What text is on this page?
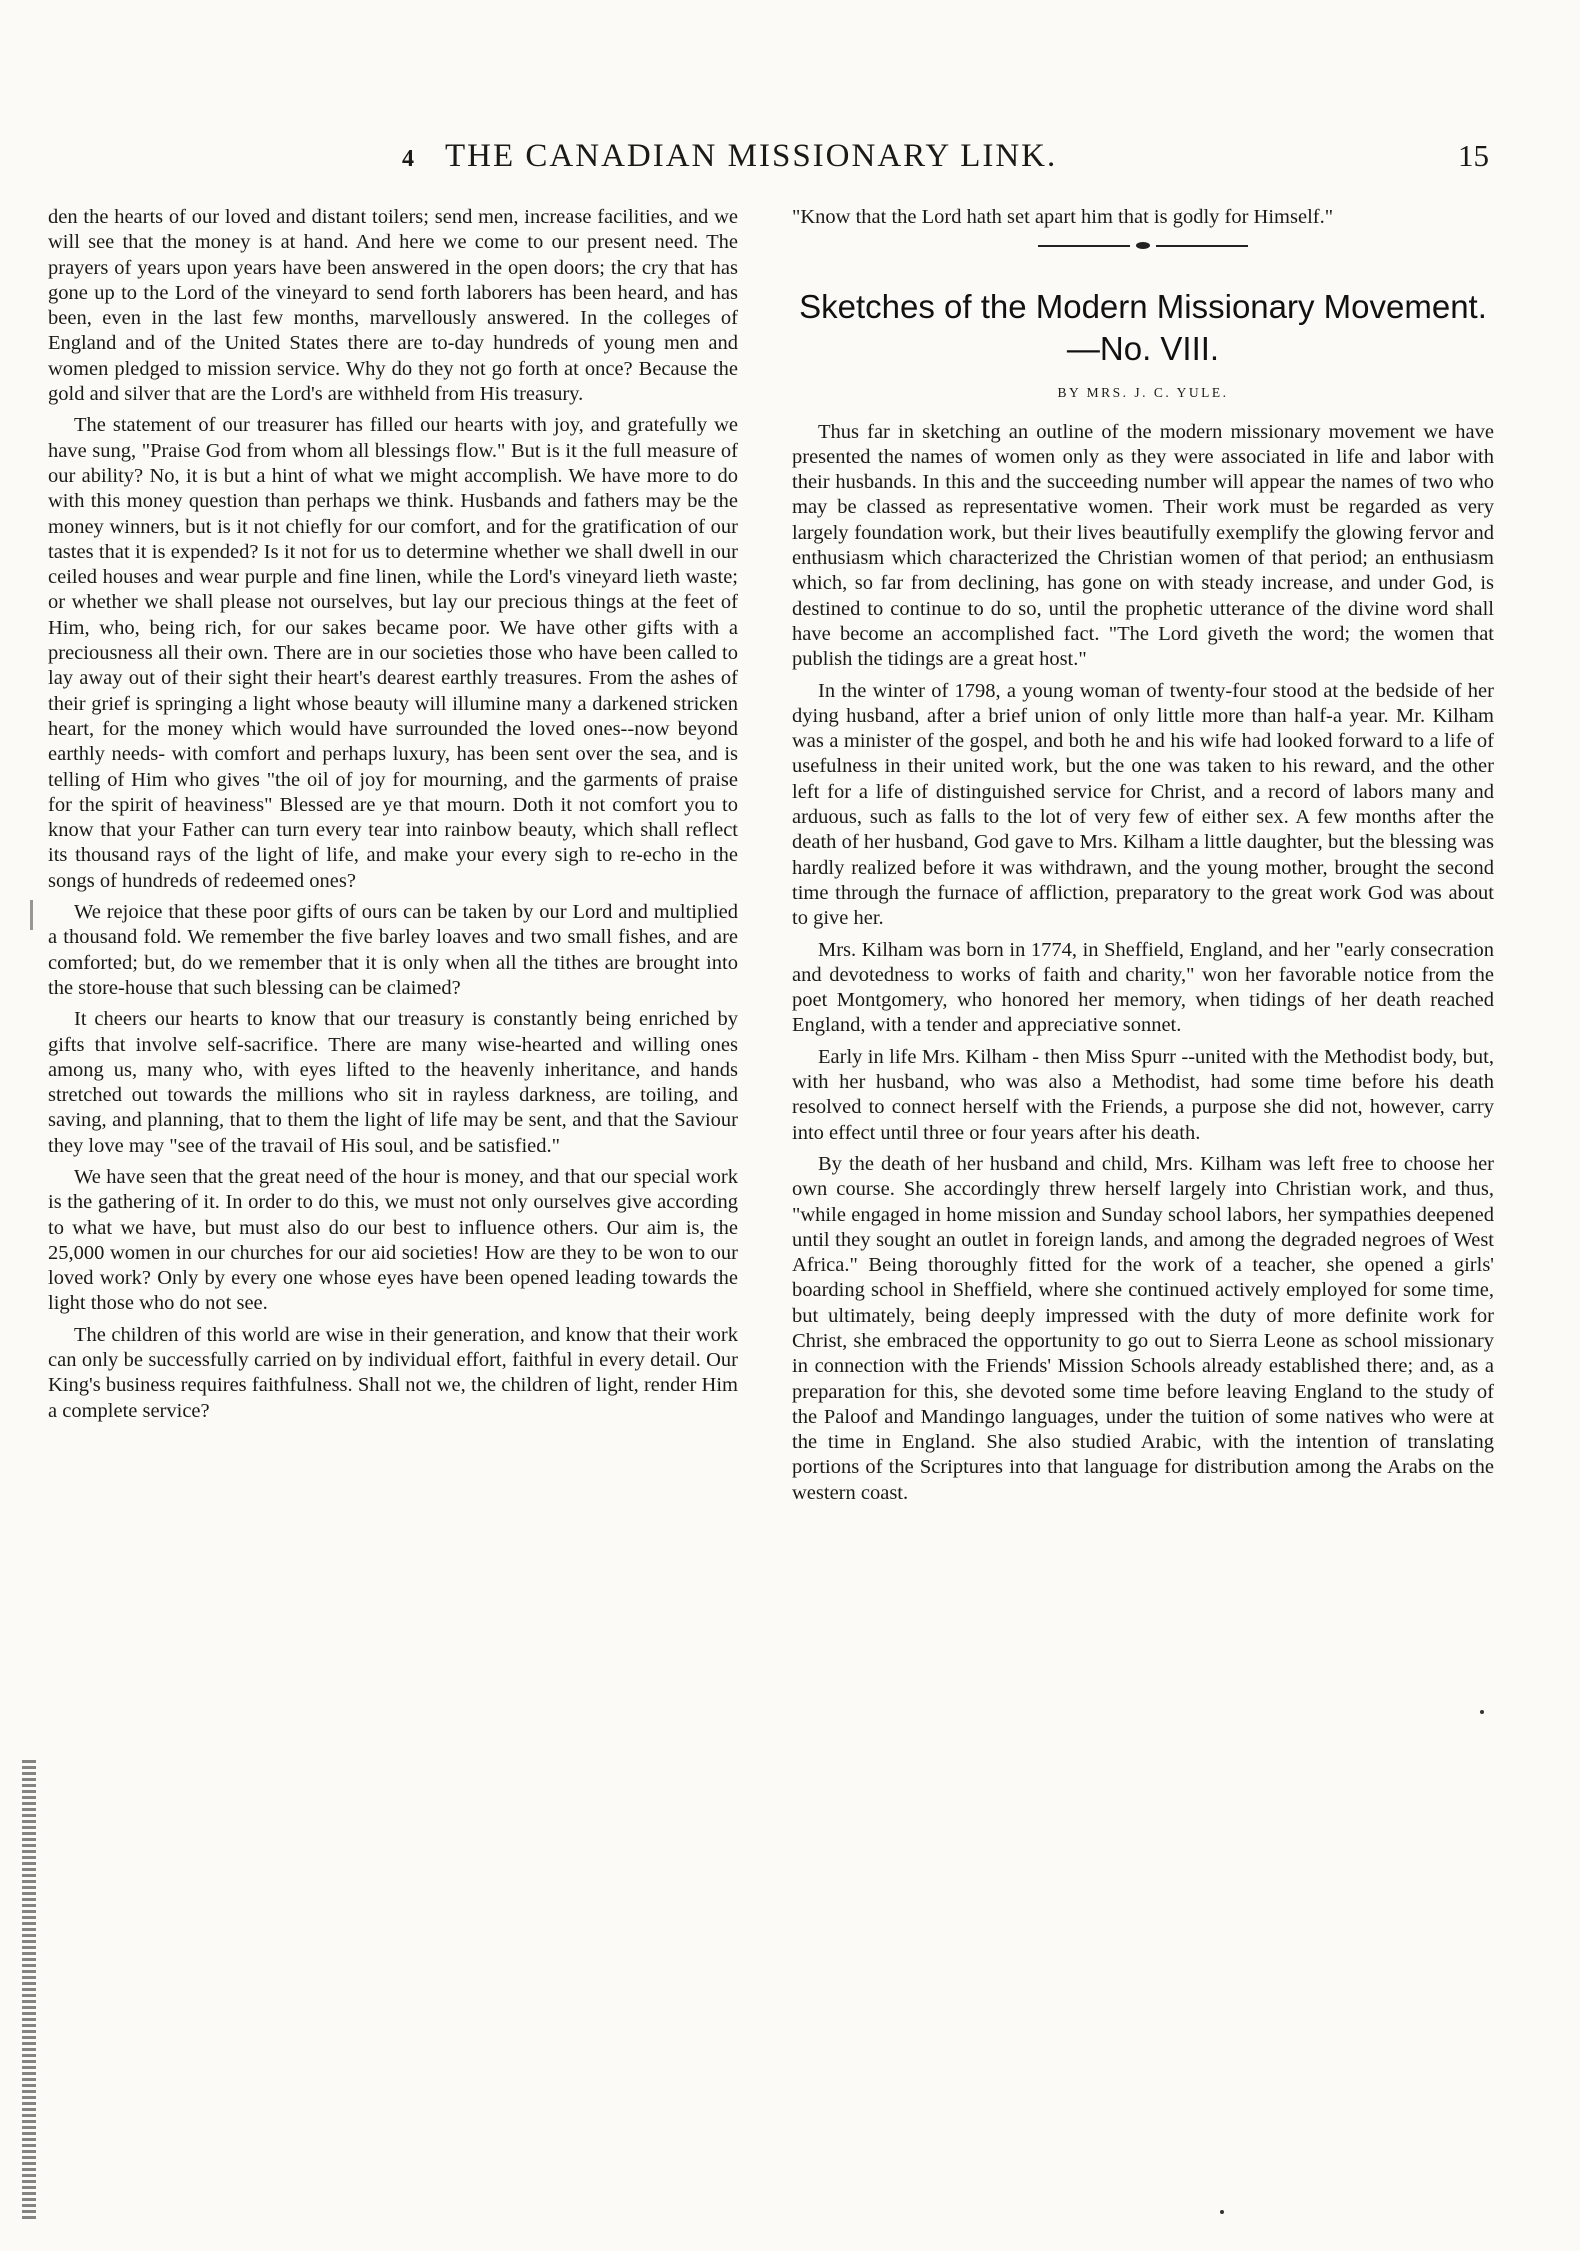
4 THE CANADIAN MISSIONARY LINK.	15

den the hearts of our loved and distant toilers; send men, increase facilities, and we will see that the money is at hand. And here we come to our present need. The prayers of years upon years have been answered in the open doors; the cry that has gone up to the Lord of the vineyard to send forth laborers has been heard, and has been, even in the last few months, marvellously answered. In the colleges of England and of the United States there are to-day hundreds of young men and women pledged to mission service. Why do they not go forth at once? Because the gold and silver that are the Lord's are withheld from His treasury.

The statement of our treasurer has filled our hearts with joy, and gratefully we have sung, "Praise God from whom all blessings flow." But is it the full measure of our ability? No, it is but a hint of what we might accomplish. We have more to do with this money question than perhaps we think. Husbands and fathers may be the money winners, but is it not chiefly for our comfort, and for the gratification of our tastes that it is expended? Is it not for us to determine whether we shall dwell in our ceiled houses and wear purple and fine linen, while the Lord's vineyard lieth waste; or whether we shall please not ourselves, but lay our precious things at the feet of Him, who, being rich, for our sakes became poor. We have other gifts with a preciousness all their own. There are in our societies those who have been called to lay away out of their sight their heart's dearest earthly treasures. From the ashes of their grief is springing a light whose beauty will illumine many a darkened stricken heart, for the money which would have surrounded the loved ones--now beyond earthly needs- with comfort and perhaps luxury, has been sent over the sea, and is telling of Him who gives "the oil of joy for mourning, and the garments of praise for the spirit of heaviness" Blessed are ye that mourn. Doth it not comfort you to know that your Father can turn every tear into rainbow beauty, which shall reflect its thousand rays of the light of life, and make your every sigh to re-echo in the songs of hundreds of redeemed ones?

We rejoice that these poor gifts of ours can be taken by our Lord and multiplied a thousand fold. We remember the five barley loaves and two small fishes, and are comforted; but, do we remember that it is only when all the tithes are brought into the store-house that such blessing can be claimed?

It cheers our hearts to know that our treasury is constantly being enriched by gifts that involve self-sacrifice. There are many wise-hearted and willing ones among us, many who, with eyes lifted to the heavenly inheritance, and hands stretched out towards the millions who sit in rayless darkness, are toiling, and saving, and planning, that to them the light of life may be sent, and that the Saviour they love may "see of the travail of His soul, and be satisfied."

We have seen that the great need of the hour is money, and that our special work is the gathering of it. In order to do this, we must not only ourselves give according to what we have, but must also do our best to influence others. Our aim is, the 25,000 women in our churches for our aid societies! How are they to be won to our loved work? Only by every one whose eyes have been opened leading towards the light those who do not see.

The children of this world are wise in their generation, and know that their work can only be successfully carried on by individual effort, faithful in every detail. Our King's business requires faithfulness. Shall not we, the children of light, render Him a complete service?

"Know that the Lord hath set apart him that is godly for Himself."

Sketches of the Modern Missionary Movement.—No. VIII.
BY MRS. J. C. YULE.

Thus far in sketching an outline of the modern missionary movement we have presented the names of women only as they were associated in life and labor with their husbands. In this and the succeeding number will appear the names of two who may be classed as representative women. Their work must be regarded as very largely foundation work, but their lives beautifully exemplify the glowing fervor and enthusiasm which characterized the Christian women of that period; an enthusiasm which, so far from declining, has gone on with steady increase, and under God, is destined to continue to do so, until the prophetic utterance of the divine word shall have become an accomplished fact. "The Lord giveth the word; the women that publish the tidings are a great host."

In the winter of 1798, a young woman of twenty-four stood at the bedside of her dying husband, after a brief union of only little more than half-a year. Mr. Kilham was a minister of the gospel, and both he and his wife had looked forward to a life of usefulness in their united work, but the one was taken to his reward, and the other left for a life of distinguished service for Christ, and a record of labors many and arduous, such as falls to the lot of very few of either sex. A few months after the death of her husband, God gave to Mrs. Kilham a little daughter, but the blessing was hardly realized before it was withdrawn, and the young mother, brought the second time through the furnace of affliction, preparatory to the great work God was about to give her.

Mrs. Kilham was born in 1774, in Sheffield, England, and her "early consecration and devotedness to works of faith and charity," won her favorable notice from the poet Montgomery, who honored her memory, when tidings of her death reached England, with a tender and appreciative sonnet.

Early in life Mrs. Kilham - then Miss Spurr --united with the Methodist body, but, with her husband, who was also a Methodist, had some time before his death resolved to connect herself with the Friends, a purpose she did not, however, carry into effect until three or four years after his death.

By the death of her husband and child, Mrs. Kilham was left free to choose her own course. She accordingly threw herself largely into Christian work, and thus, "while engaged in home mission and Sunday school labors, her sympathies deepened until they sought an outlet in foreign lands, and among the degraded negroes of West Africa." Being thoroughly fitted for the work of a teacher, she opened a girls' boarding school in Sheffield, where she continued actively employed for some time, but ultimately, being deeply impressed with the duty of more definite work for Christ, she embraced the opportunity to go out to Sierra Leone as school missionary in connection with the Friends' Mission Schools already established there; and, as a preparation for this, she devoted some time before leaving England to the study of the Paloof and Mandingo languages, under the tuition of some natives who were at the time in England. She also studied Arabic, with the intention of translating portions of the Scriptures into that language for distribution among the Arabs on the western coast.
